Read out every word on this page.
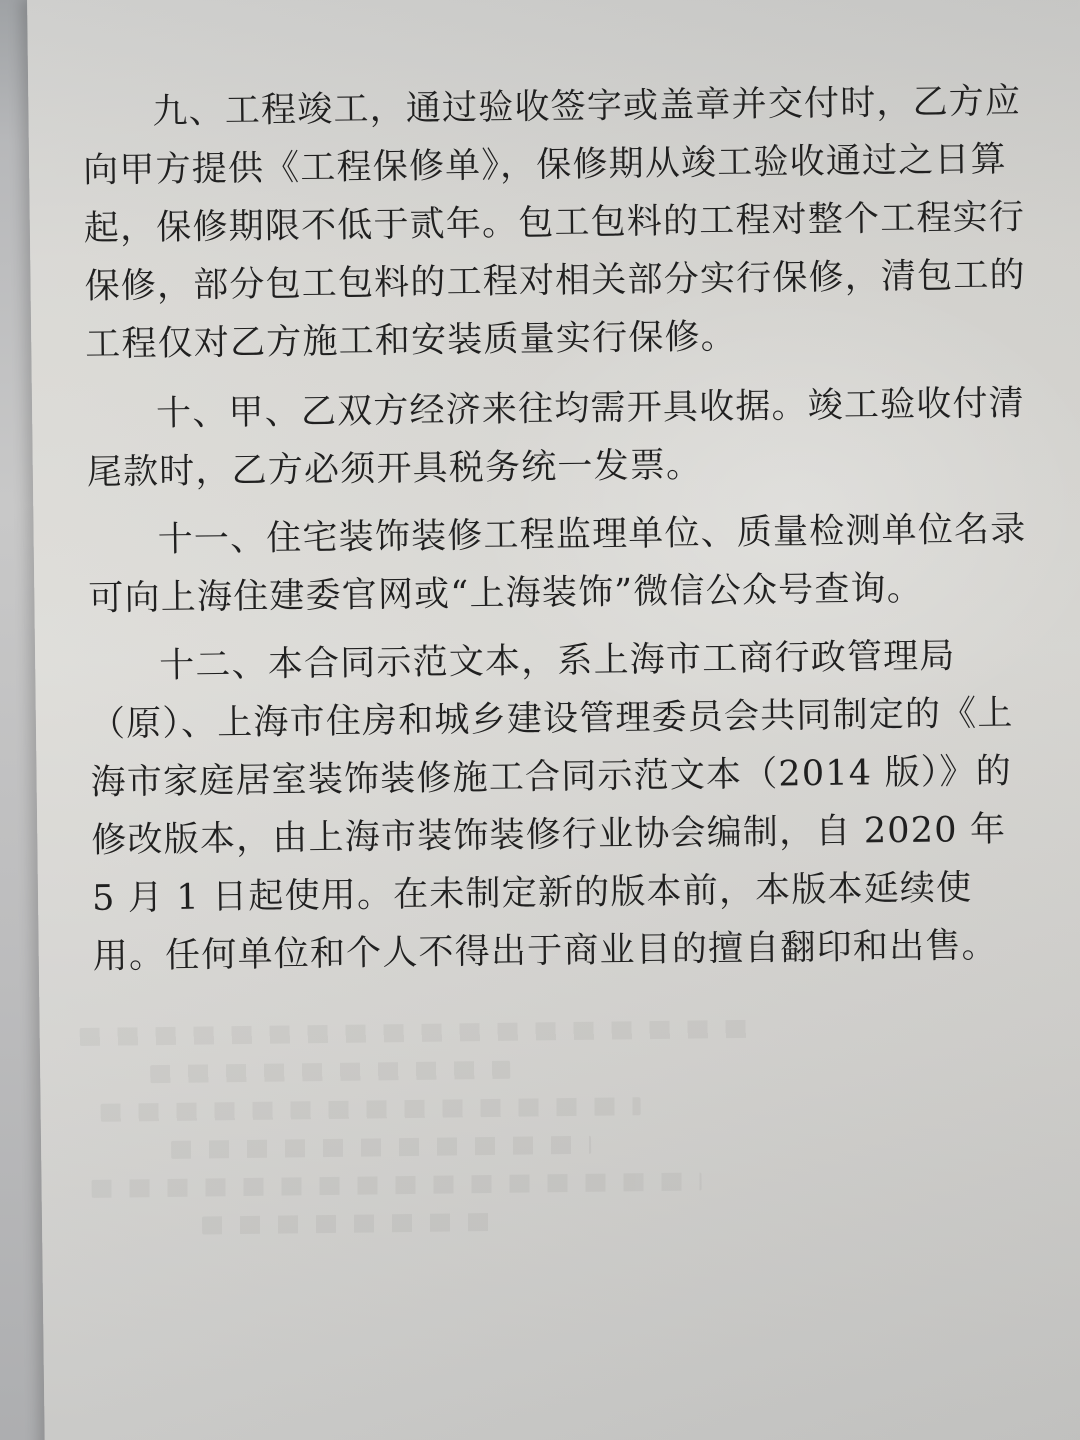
九、工程竣工，通过验收签字或盖章并交付时，乙方应向甲方提供《工程保修单》，保修期从竣工验收通过之日算起，保修期限不低于贰年。包工包料的工程对整个工程实行保修，部分包工包料的工程对相关部分实行保修，清包工的工程仅对乙方施工和安装质量实行保修。

十、甲、乙双方经济来往均需开具收据。竣工验收付清尾款时，乙方必须开具税务统一发票。

十一、住宅装饰装修工程监理单位、质量检测单位名录可向上海住建委官网或“上海装饰”微信公众号查询。

十二、本合同示范文本，系上海市工商行政管理局（原）、上海市住房和城乡建设管理委员会共同制定的《上海市家庭居室装饰装修施工合同示范文本（2014 版）》的修改版本，由上海市装饰装修行业协会编制，自 2020 年 5 月 1 日起使用。在未制定新的版本前，本版本延续使用。任何单位和个人不得出于商业目的擅自翻印和出售。
